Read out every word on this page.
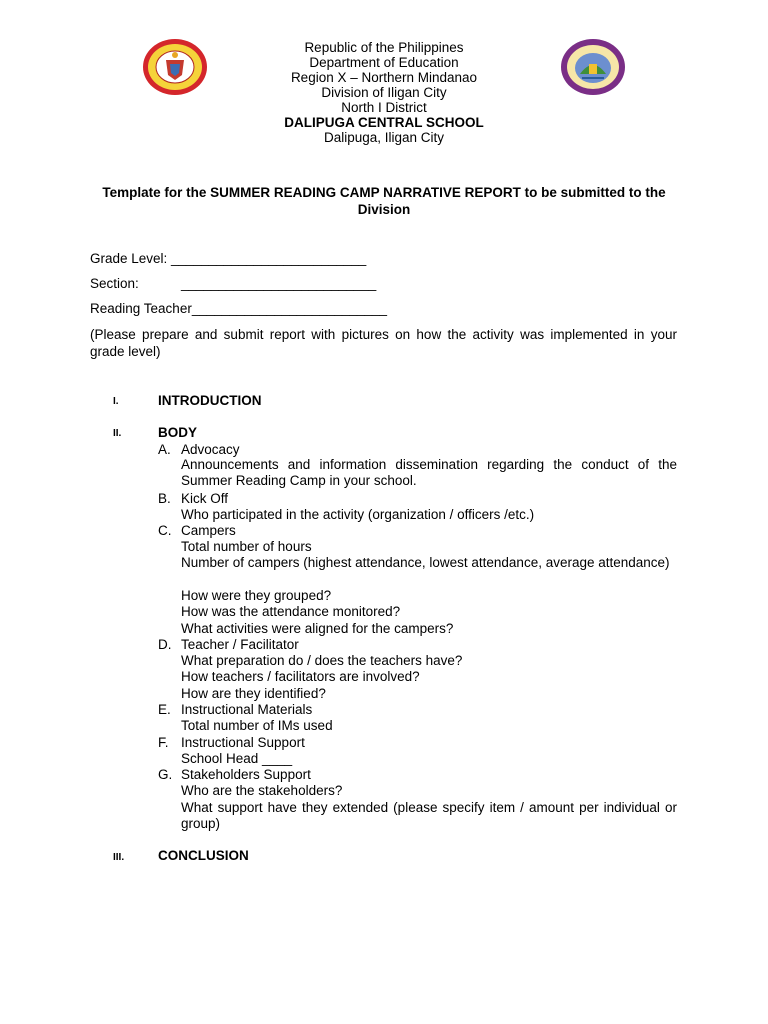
Republic of the Philippines
Department of Education
Region X – Northern Mindanao
Division of Iligan City
North I District
DALIPUGA CENTRAL SCHOOL
Dalipuga, Iligan City
Template for the SUMMER READING CAMP NARRATIVE REPORT to be submitted to the Division
Grade Level: __________________________
Section:	__________________________
Reading Teacher__________________________
(Please prepare and submit report with pictures on how the activity was implemented in your grade level)
I.	INTRODUCTION
II.	BODY
A. Advocacy
Announcements and information dissemination regarding the conduct of the Summer Reading Camp in your school.
B. Kick Off
Who participated in the activity (organization / officers /etc.)
C. Campers
Total number of hours
Number of campers (highest attendance, lowest attendance, average attendance)
How were they grouped?
How was the attendance monitored?
What activities were aligned for the campers?
D. Teacher / Facilitator
What preparation do / does the teachers have?
How teachers / facilitators are involved?
How are they identified?
E. Instructional Materials
Total number of IMs used
F. Instructional Support
School Head ____
G. Stakeholders Support
Who are the stakeholders?
What support have they extended (please specify item / amount per individual or group)
III.	CONCLUSION
